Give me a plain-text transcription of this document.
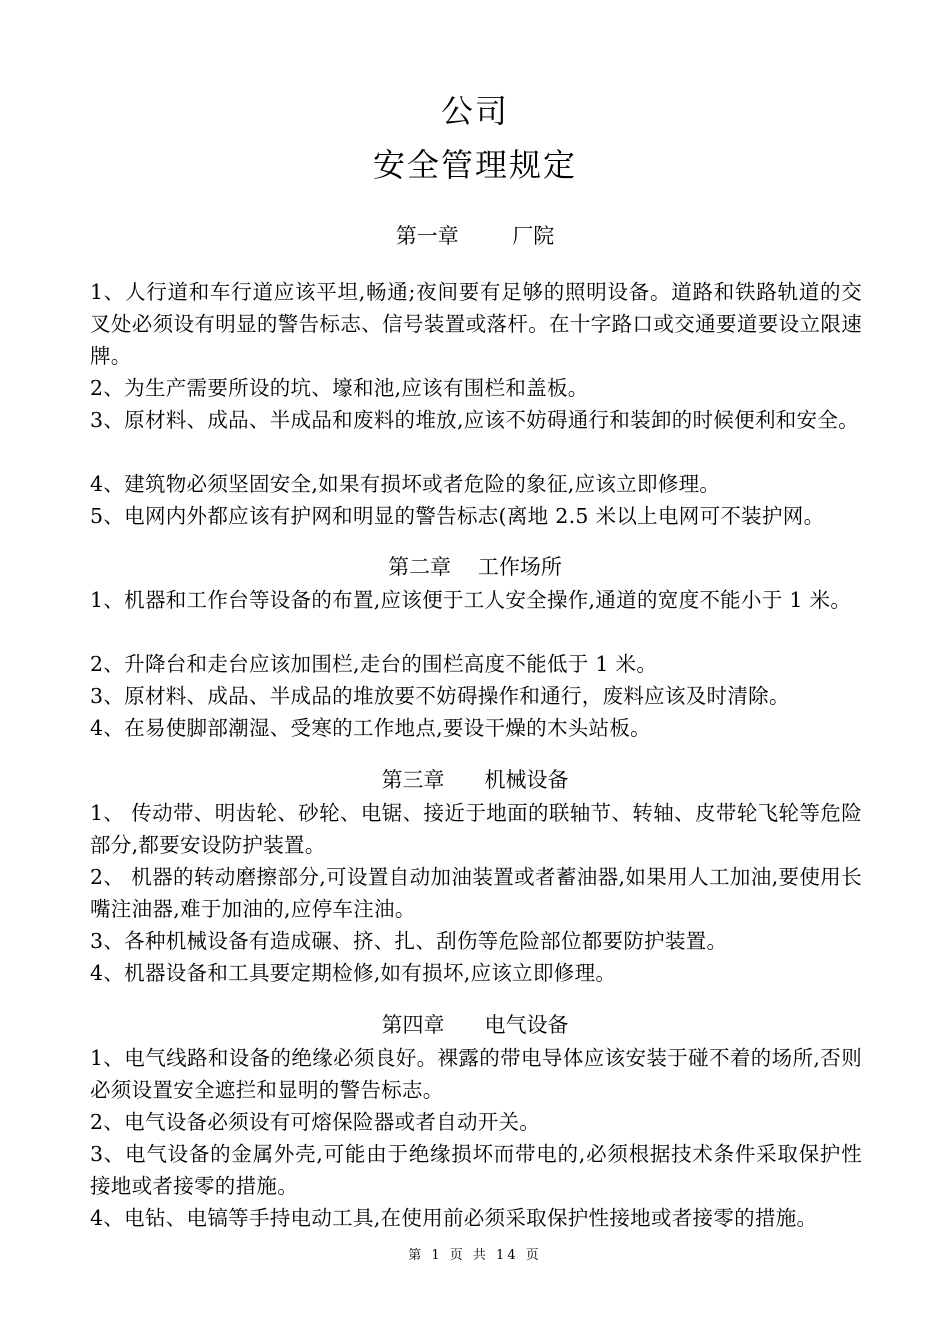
公司
安全管理规定
第一章        厂院
1、人行道和车行道应该平坦,畅通;夜间要有足够的照明设备。道路和铁路轨道的交叉处必须设有明显的警告标志、信号装置或落杆。在十字路口或交通要道要设立限速牌。
2、为生产需要所设的坑、壕和池,应该有围栏和盖板。
3、原材料、成品、半成品和废料的堆放,应该不妨碍通行和装卸的时候便利和安全。
4、建筑物必须坚固安全,如果有损坏或者危险的象征,应该立即修理。
5、电网内外都应该有护网和明显的警告标志(离地 2.5 米以上电网可不装护网。
第二章    工作场所
1、机器和工作台等设备的布置,应该便于工人安全操作,通道的宽度不能小于 1 米。
2、升降台和走台应该加围栏,走台的围栏高度不能低于 1 米。
3、原材料、成品、半成品的堆放要不妨碍操作和通行，废料应该及时清除。
4、在易使脚部潮湿、受寒的工作地点,要设干燥的木头站板。
第三章      机械设备
1、 传动带、明齿轮、砂轮、电锯、接近于地面的联轴节、转轴、皮带轮飞轮等危险部分,都要安设防护装置。
2、 机器的转动磨擦部分,可设置自动加油装置或者蓄油器,如果用人工加油,要使用长嘴注油器,难于加油的,应停车注油。
3、各种机械设备有造成碾、挤、扎、刮伤等危险部位都要防护装置。
4、机器设备和工具要定期检修,如有损坏,应该立即修理。
第四章      电气设备
1、电气线路和设备的绝缘必须良好。裸露的带电导体应该安装于碰不着的场所,否则必须设置安全遮拦和显明的警告标志。
2、电气设备必须设有可熔保险器或者自动开关。
3、电气设备的金属外壳,可能由于绝缘损坏而带电的,必须根据技术条件采取保护性接地或者接零的措施。
4、电钻、电镐等手持电动工具,在使用前必须采取保护性接地或者接零的措施。
第 1 页 共 14 页
